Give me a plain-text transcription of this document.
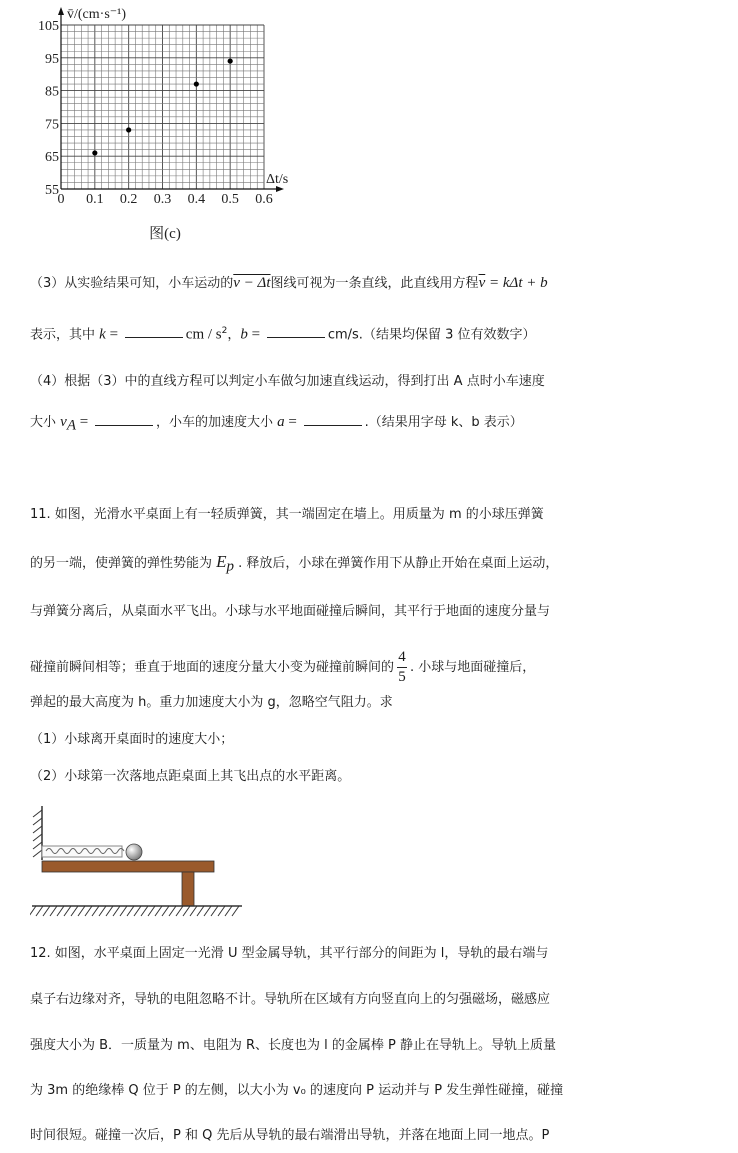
0 0.1 0.2 0.3 0.4 0.5 0.6
55
65
75
85
95
105
v̄/(cm·s⁻¹)
Δt/s
图(c)
（3）从实验结果可知，小车运动的v − Δt图线可视为一条直线，此直线用方程$\overline{v} = k\Delta t + b$
表示，其中 k =	cm / $s^2$，b =	cm/s.（结果均保留 3 位有效数字）
（4）根据（3）中的直线方程可以判定小车做匀加速直线运动，得到打出 A 点时小车速度
大小 $v_A$ =	，小车的加速度大小 a =	.（结果用字母 k、b 表示）
11. 如图，光滑水平桌面上有一轻质弹簧，其一端固定在墙上。用质量为 m 的小球压弹簧
的另一端，使弹簧的弹性势能为 $E_p$ . 释放后，小球在弹簧作用下从静止开始在桌面上运动，
与弹簧分离后，从桌面水平飞出。小球与水平地面碰撞后瞬间，其平行于地面的速度分量与
碰撞前瞬间相等；垂直于地面的速度分量大小变为碰撞前瞬间的 $\frac{4}{5}$ . 小球与地面碰撞后，
弹起的最大高度为 h。重力加速度大小为 g，忽略空气阻力。求
（1）小球离开桌面时的速度大小；
（2）小球第一次落地点距桌面上其飞出点的水平距离。
12. 如图，水平桌面上固定一光滑 U 型金属导轨，其平行部分的间距为 l，导轨的最右端与
桌子右边缘对齐，导轨的电阻忽略不计。导轨所在区域有方向竖直向上的匀强磁场，磁感应
强度大小为 B．一质量为 m、电阻为 R、长度也为 l 的金属棒 P 静止在导轨上。导轨上质量
为 3m 的绝缘棒 Q 位于 P 的左侧，以大小为 v₀ 的速度向 P 运动并与 P 发生弹性碰撞，碰撞
时间很短。碰撞一次后，P 和 Q 先后从导轨的最右端滑出导轨，并落在地面上同一地点。P
